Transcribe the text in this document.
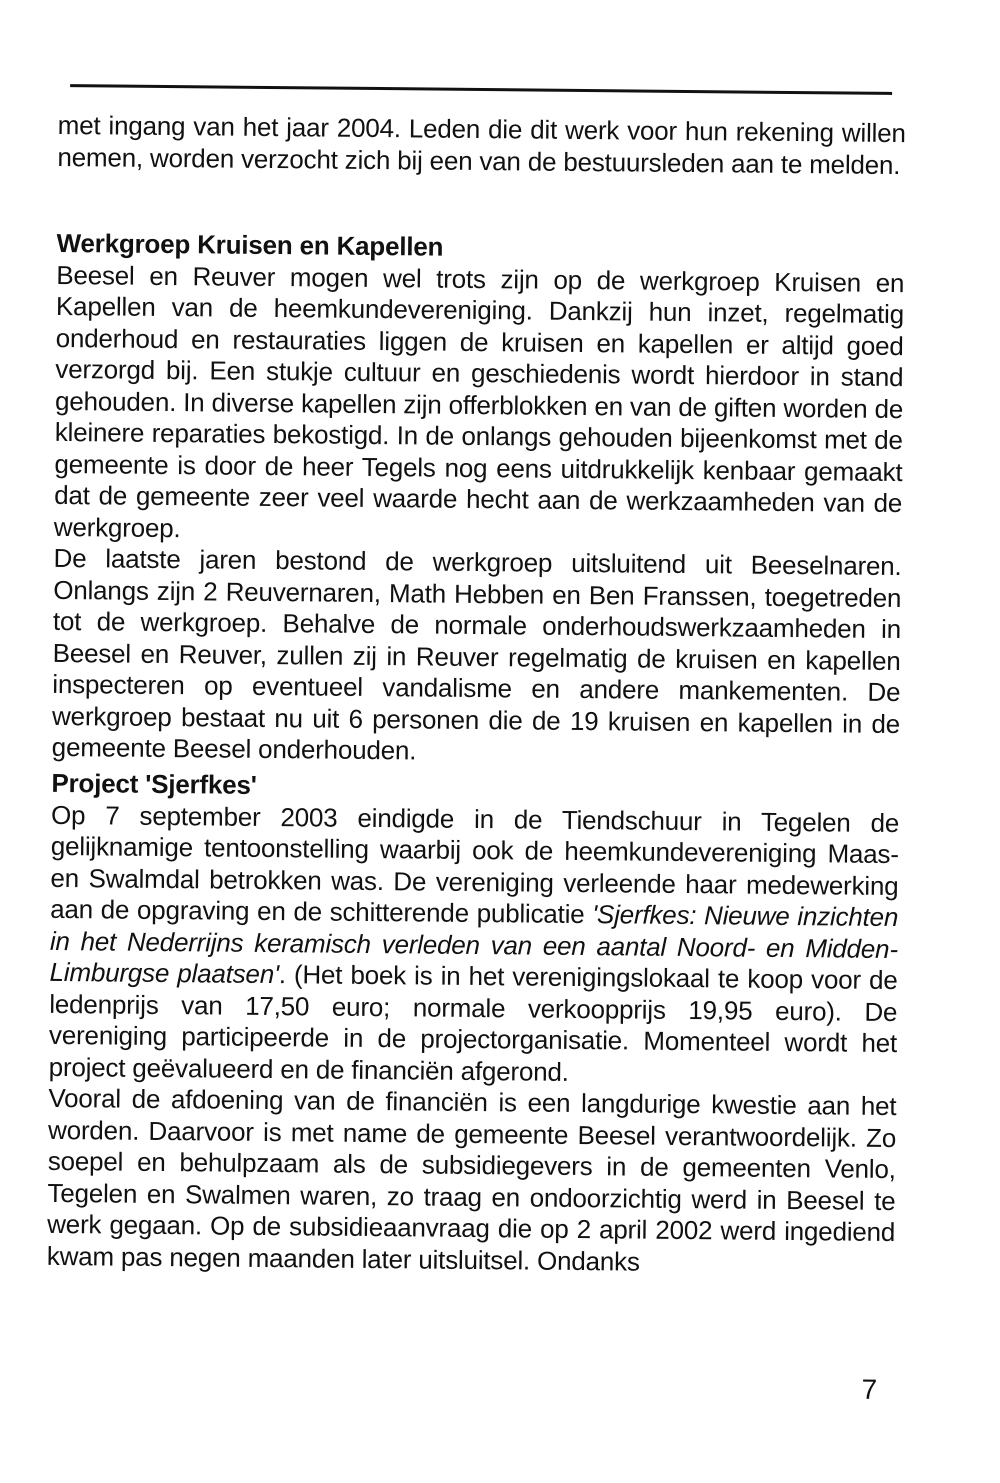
met ingang van het jaar 2004. Leden die dit werk voor hun rekening willen nemen, worden verzocht zich bij een van de bestuursleden aan te melden.

Werkgroep Kruisen en Kapellen

Beesel en Reuver mogen wel trots zijn op de werkgroep Kruisen en Kapellen van de heemkundevereniging. Dankzij hun inzet, regelmatig onderhoud en restauraties liggen de kruisen en kapellen er altijd goed verzorgd bij. Een stukje cultuur en geschiedenis wordt hierdoor in stand gehouden. In diverse kapellen zijn offerblokken en van de giften worden de kleinere reparaties bekostigd. In de onlangs gehouden bijeenkomst met de gemeente is door de heer Tegels nog eens uitdrukkelijk kenbaar gemaakt dat de gemeente zeer veel waarde hecht aan de werkzaamheden van de werkgroep.

De laatste jaren bestond de werkgroep uitsluitend uit Beeselnaren. Onlangs zijn 2 Reuvernaren, Math Hebben en Ben Franssen, toegetreden tot de werkgroep. Behalve de normale onderhoudswerkzaamheden in Beesel en Reuver, zullen zij in Reuver regelmatig de kruisen en kapellen inspecteren op eventueel vandalisme en andere mankementen. De werkgroep bestaat nu uit 6 personen die de 19 kruisen en kapellen in de gemeente Beesel onderhouden.

Project 'Sjerfkes'

Op 7 september 2003 eindigde in de Tiendschuur in Tegelen de gelijknamige tentoonstelling waarbij ook de heemkundevereniging Maas- en Swalmdal betrokken was. De vereniging verleende haar medewerking aan de opgraving en de schitterende publicatie 'Sjerfkes: Nieuwe inzichten in het Nederrijns keramisch verleden van een aantal Noord- en Midden-Limburgse plaatsen'. (Het boek is in het verenigingslokaal te koop voor de ledenprijs van 17,50 euro; normale verkoopprijs 19,95 euro). De vereniging participeerde in de projectorganisatie. Momenteel wordt het project geëvalueerd en de financiën afgerond.

Vooral de afdoening van de financiën is een langdurige kwestie aan het worden. Daarvoor is met name de gemeente Beesel verantwoordelijk. Zo soepel en behulpzaam als de subsidiegevers in de gemeenten Venlo, Tegelen en Swalmen waren, zo traag en ondoorzichtig werd in Beesel te werk gegaan. Op de subsidieaanvraag die op 2 april 2002 werd ingediend kwam pas negen maanden later uitsluitsel. Ondanks

7
